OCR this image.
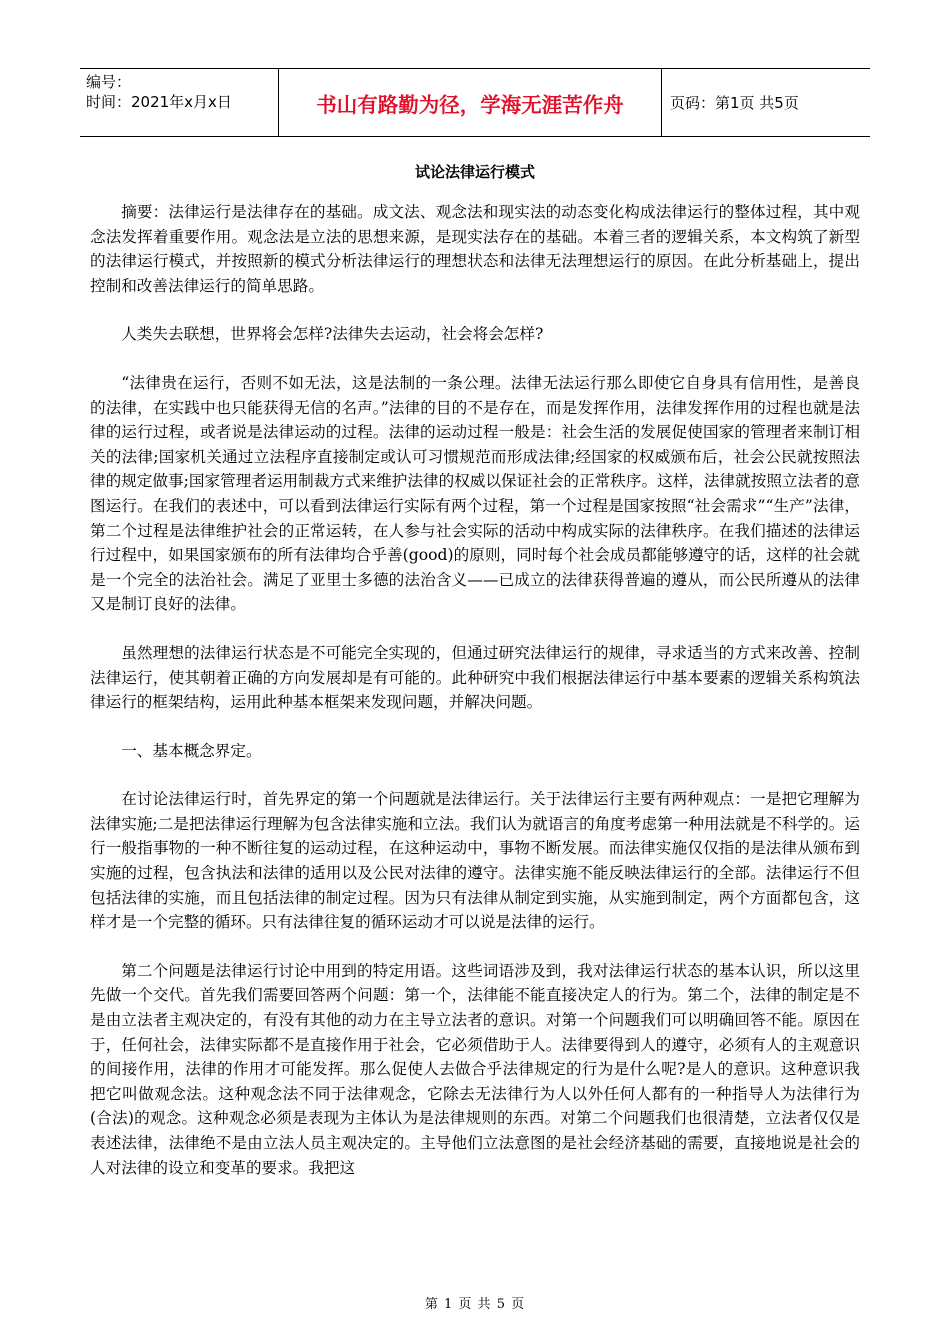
编号：
时间：2021年x月x日	书山有路勤为径，学海无涯苦作舟	页码：第1页 共5页
试论法律运行模式

摘要：法律运行是法律存在的基础。成文法、观念法和现实法的动态变化构成法律运行的整体过程，其中观念法发挥着重要作用。观念法是立法的思想来源，是现实法存在的基础。本着三者的逻辑关系，本文构筑了新型的法律运行模式，并按照新的模式分析法律运行的理想状态和法律无法理想运行的原因。在此分析基础上，提出控制和改善法律运行的简单思路。

人类失去联想，世界将会怎样?法律失去运动，社会将会怎样?

“法律贵在运行，否则不如无法，这是法制的一条公理。法律无法运行那么即使它自身具有信用性，是善良的法律，在实践中也只能获得无信的名声。”法律的目的不是存在，而是发挥作用，法律发挥作用的过程也就是法律的运行过程，或者说是法律运动的过程。法律的运动过程一般是：社会生活的发展促使国家的管理者来制订相关的法律;国家机关通过立法程序直接制定或认可习惯规范而形成法律;经国家的权威颁布后，社会公民就按照法律的规定做事;国家管理者运用制裁方式来维护法律的权威以保证社会的正常秩序。这样，法律就按照立法者的意图运行。在我们的表述中，可以看到法律运行实际有两个过程，第一个过程是国家按照“社会需求”“生产”法律，第二个过程是法律维护社会的正常运转，在人参与社会实际的活动中构成实际的法律秩序。在我们描述的法律运行过程中，如果国家颁布的所有法律均合乎善(good)的原则，同时每个社会成员都能够遵守的话，这样的社会就是一个完全的法治社会。满足了亚里士多德的法治含义——已成立的法律获得普遍的遵从，而公民所遵从的法律又是制订良好的法律。

虽然理想的法律运行状态是不可能完全实现的，但通过研究法律运行的规律，寻求适当的方式来改善、控制法律运行，使其朝着正确的方向发展却是有可能的。此种研究中我们根据法律运行中基本要素的逻辑关系构筑法律运行的框架结构，运用此种基本框架来发现问题，并解决问题。

一、基本概念界定。

在讨论法律运行时，首先界定的第一个问题就是法律运行。关于法律运行主要有两种观点：一是把它理解为法律实施;二是把法律运行理解为包含法律实施和立法。我们认为就语言的角度考虑第一种用法就是不科学的。运行一般指事物的一种不断往复的运动过程，在这种运动中，事物不断发展。而法律实施仅仅指的是法律从颁布到实施的过程，包含执法和法律的适用以及公民对法律的遵守。法律实施不能反映法律运行的全部。法律运行不但包括法律的实施，而且包括法律的制定过程。因为只有法律从制定到实施，从实施到制定，两个方面都包含，这样才是一个完整的循环。只有法律往复的循环运动才可以说是法律的运行。

第二个问题是法律运行讨论中用到的特定用语。这些词语涉及到，我对法律运行状态的基本认识，所以这里先做一个交代。首先我们需要回答两个问题：第一个，法律能不能直接决定人的行为。第二个，法律的制定是不是由立法者主观决定的，有没有其他的动力在主导立法者的意识。对第一个问题我们可以明确回答不能。原因在于，任何社会，法律实际都不是直接作用于社会，它必须借助于人。法律要得到人的遵守，必须有人的主观意识的间接作用，法律的作用才可能发挥。那么促使人去做合乎法律规定的行为是什么呢?是人的意识。这种意识我把它叫做观念法。这种观念法不同于法律观念，它除去无法律行为人以外任何人都有的一种指导人为法律行为(合法)的观念。这种观念必须是表现为主体认为是法律规则的东西。对第二个问题我们也很清楚，立法者仅仅是表述法律，法律绝不是由立法人员主观决定的。主导他们立法意图的是社会经济基础的需要，直接地说是社会的人对法律的设立和变革的要求。我把这

第 1 页 共 5 页
